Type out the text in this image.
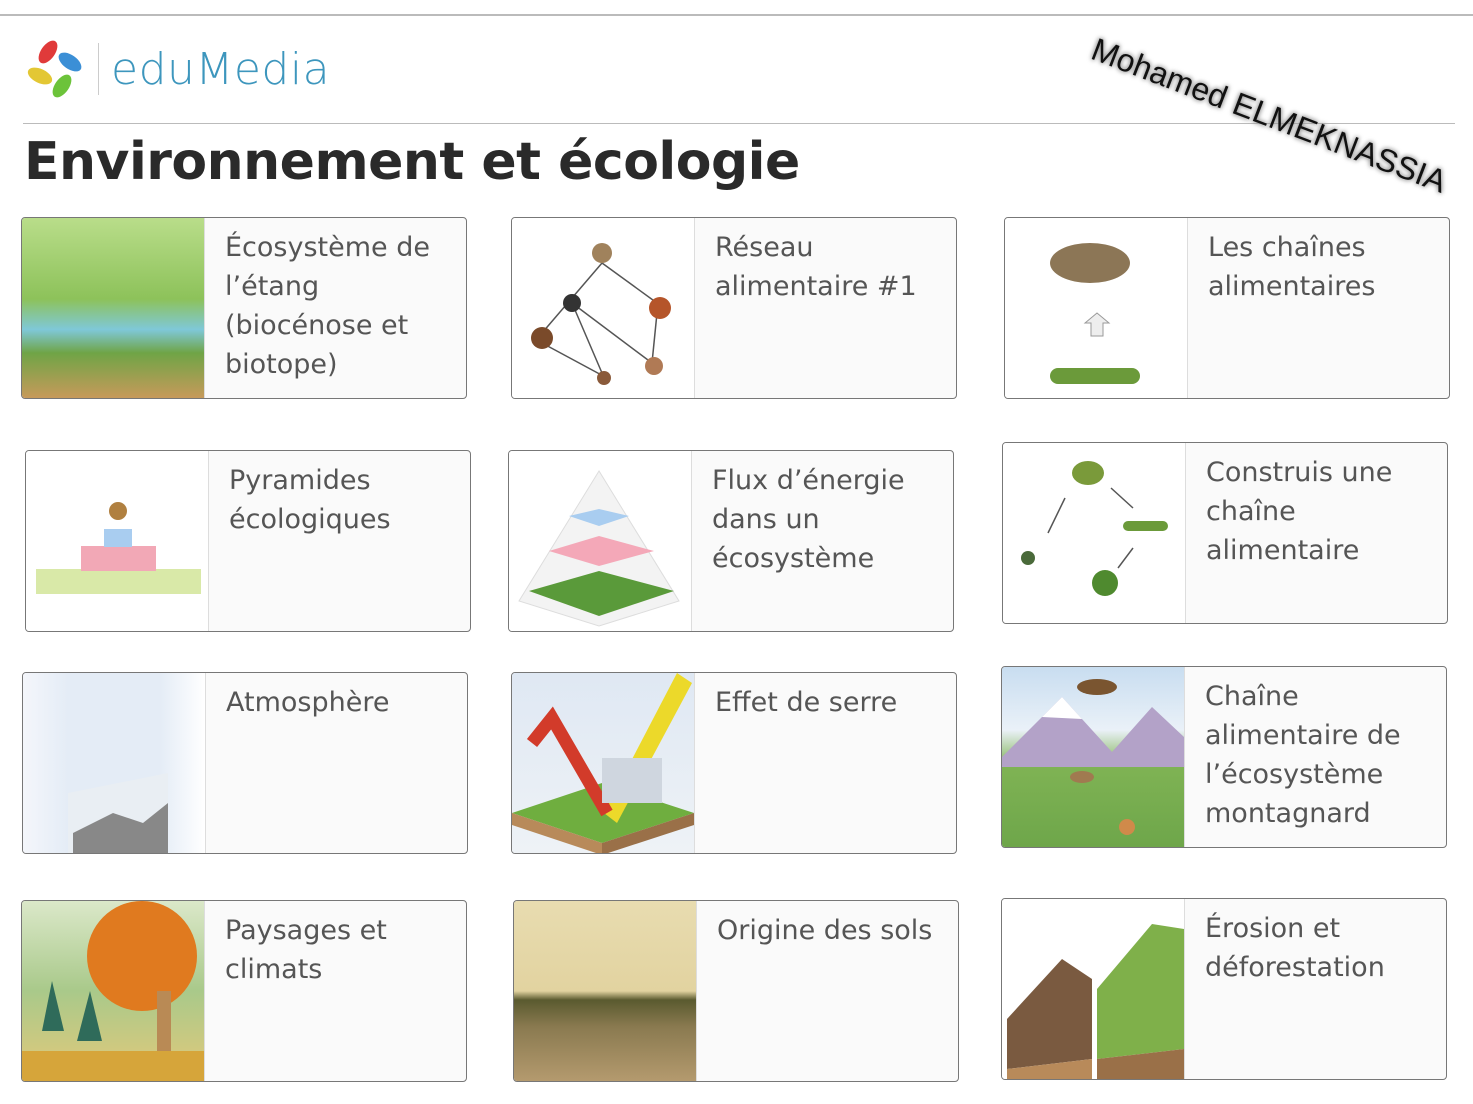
eduMedia
Environnement et écologie	Mohamed ELMEKNASSIA
Écosystème de l’étang (biocénose et biotope)
Réseau alimentaire #1
Les chaînes alimentaires
Pyramides écologiques
Flux d’énergie dans un écosystème
Construis une chaîne alimentaire
Atmosphère	Effet de serre	Chaîne alimentaire de l’écosystème montagnard
Paysages et climats
Origine des sols	Érosion et déforestation
